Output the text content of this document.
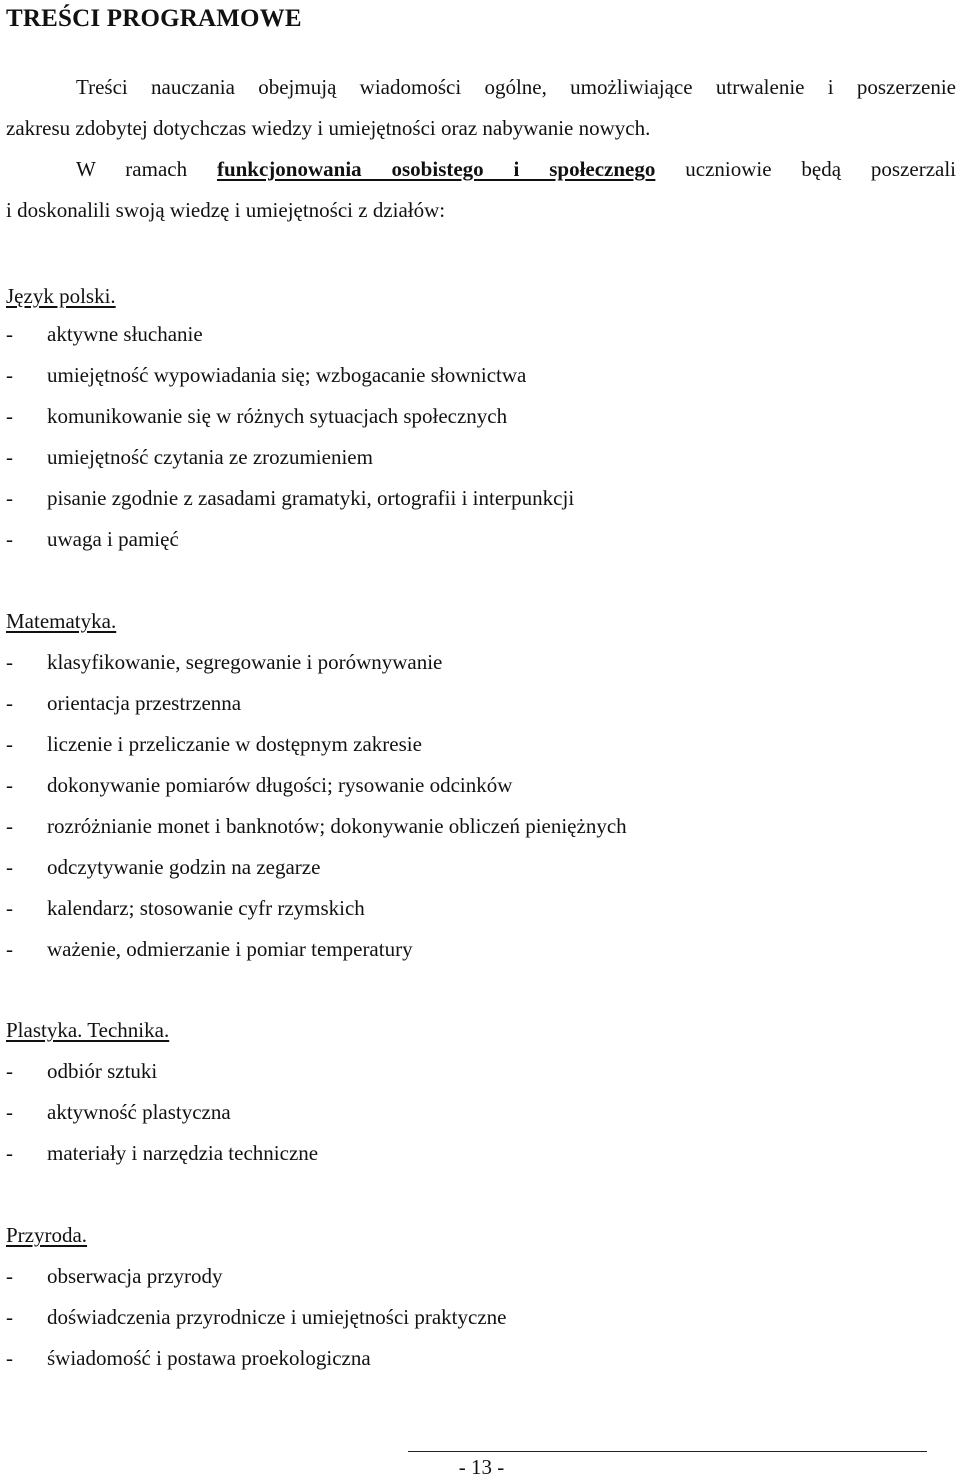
TREŚCI PROGRAMOWE

Treści nauczania obejmują wiadomości ogólne, umożliwiające utrwalenie i poszerzenie

zakresu zdobytej dotychczas wiedzy i umiejętności oraz nabywanie nowych.

W ramach funkcjonowania osobistego i społecznego uczniowie będą poszerzali

i doskonalili swoją wiedzę i umiejętności z działów:

Język polski.
- aktywne słuchanie
- umiejętność wypowiadania się; wzbogacanie słownictwa
- komunikowanie się w różnych sytuacjach społecznych
- umiejętność czytania ze zrozumieniem
- pisanie zgodnie z zasadami gramatyki, ortografii i interpunkcji
- uwaga i pamięć
Matematyka.
- klasyfikowanie, segregowanie i porównywanie
- orientacja przestrzenna
- liczenie i przeliczanie w dostępnym zakresie
- dokonywanie pomiarów długości; rysowanie odcinków
- rozróżnianie monet i banknotów; dokonywanie obliczeń pieniężnych
- odczytywanie godzin na zegarze
- kalendarz; stosowanie cyfr rzymskich
- ważenie, odmierzanie i pomiar temperatury
Plastyka. Technika.
- odbiór sztuki
- aktywność plastyczna
- materiały i narzędzia techniczne
Przyroda.
- obserwacja przyrody
- doświadczenia przyrodnicze i umiejętności praktyczne
- świadomość i postawa proekologiczna
- 13 -
